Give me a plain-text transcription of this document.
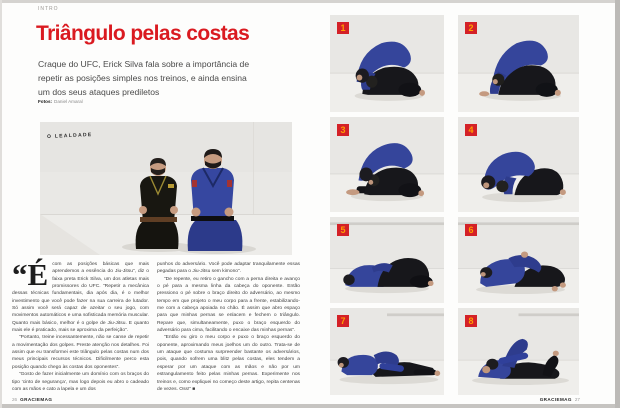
INTRO
Triângulo pelas costas
Craque do UFC, Erick Silva fala sobre a importância de repetir as posições simples nos treinos, e ainda ensina um dos seus ataques prediletos
Fotos: Daniel Amaral
O LEALDADE

“Écom as posições básicas que mais aprendemos a essência do Jiu-Jitsu”, diz o faixa preta Erick Silva, um dos atletas mais promissores do UFC. “Repetir a mecânica dessas técnicas fundamentais, dia após dia, é o melhor investimento que você pode fazer na sua carreira de lutador. Só assim você será capaz de azeitar o seu jogo, com movimentos automáticos e uma sofisticada memória muscular. Quanto mais básico, melhor é o golpe de Jiu-Jitsu. E quanto mais ele é praticado, mais se aproxima da perfeição”.

“Portanto, treine incessantemente, não se canse de repetir a movimentação dos golpes. Preste atenção nos detalhes. Foi assim que eu transformei este triângulo pelas costas num dos meus principais recursos técnicos. Dificilmente perco esta posição quando chego às costas dos oponentes”.

“Gosto de fazer inicialmente um domínio com os braços do tipo ‘cinto de segurança’, mas logo depois eu abro o cadeado com as mãos e cato a lapela e um dos

punhos do adversário. Você pode adaptar tranquilamente essas pegadas para o Jiu-Jitsu sem kimono”.

“De repente, eu retiro o gancho com a perna direita e avanço o pé para a mesma linha da cabeça do oponente. Então pressiono o pé sobre o braço direito do adversário, ao mesmo tempo em que projeto o meu corpo para a frente, estabilizando-me com a cabeça apoiada no chão. É assim que abro espaço para que minhas pernas se enlacem e fechem o triângulo. Repare que, simultaneamente, puxo o braço esquerdo do adversário para cima, facilitando o encaixe das minhas pernas”.

“Então eu giro o meu corpo e puxo o braço esquerdo do oponente, aproximando meus joelhos um do outro. Trata-se de um ataque que costuma surpreender bastante os adversários, pois, quando sofrem uma blitz pelas costas, eles tendem a esperar por um ataque com as mãos e não por um estrangulamento feito pelas minhas pernas. Experimente nos treinos e, como expliquei no começo deste artigo, repita centenas de vezes. Oss!” ■

26 GRACIEMAG
1	2
3	4
5	6
7	8
GRACIEMAG 27
